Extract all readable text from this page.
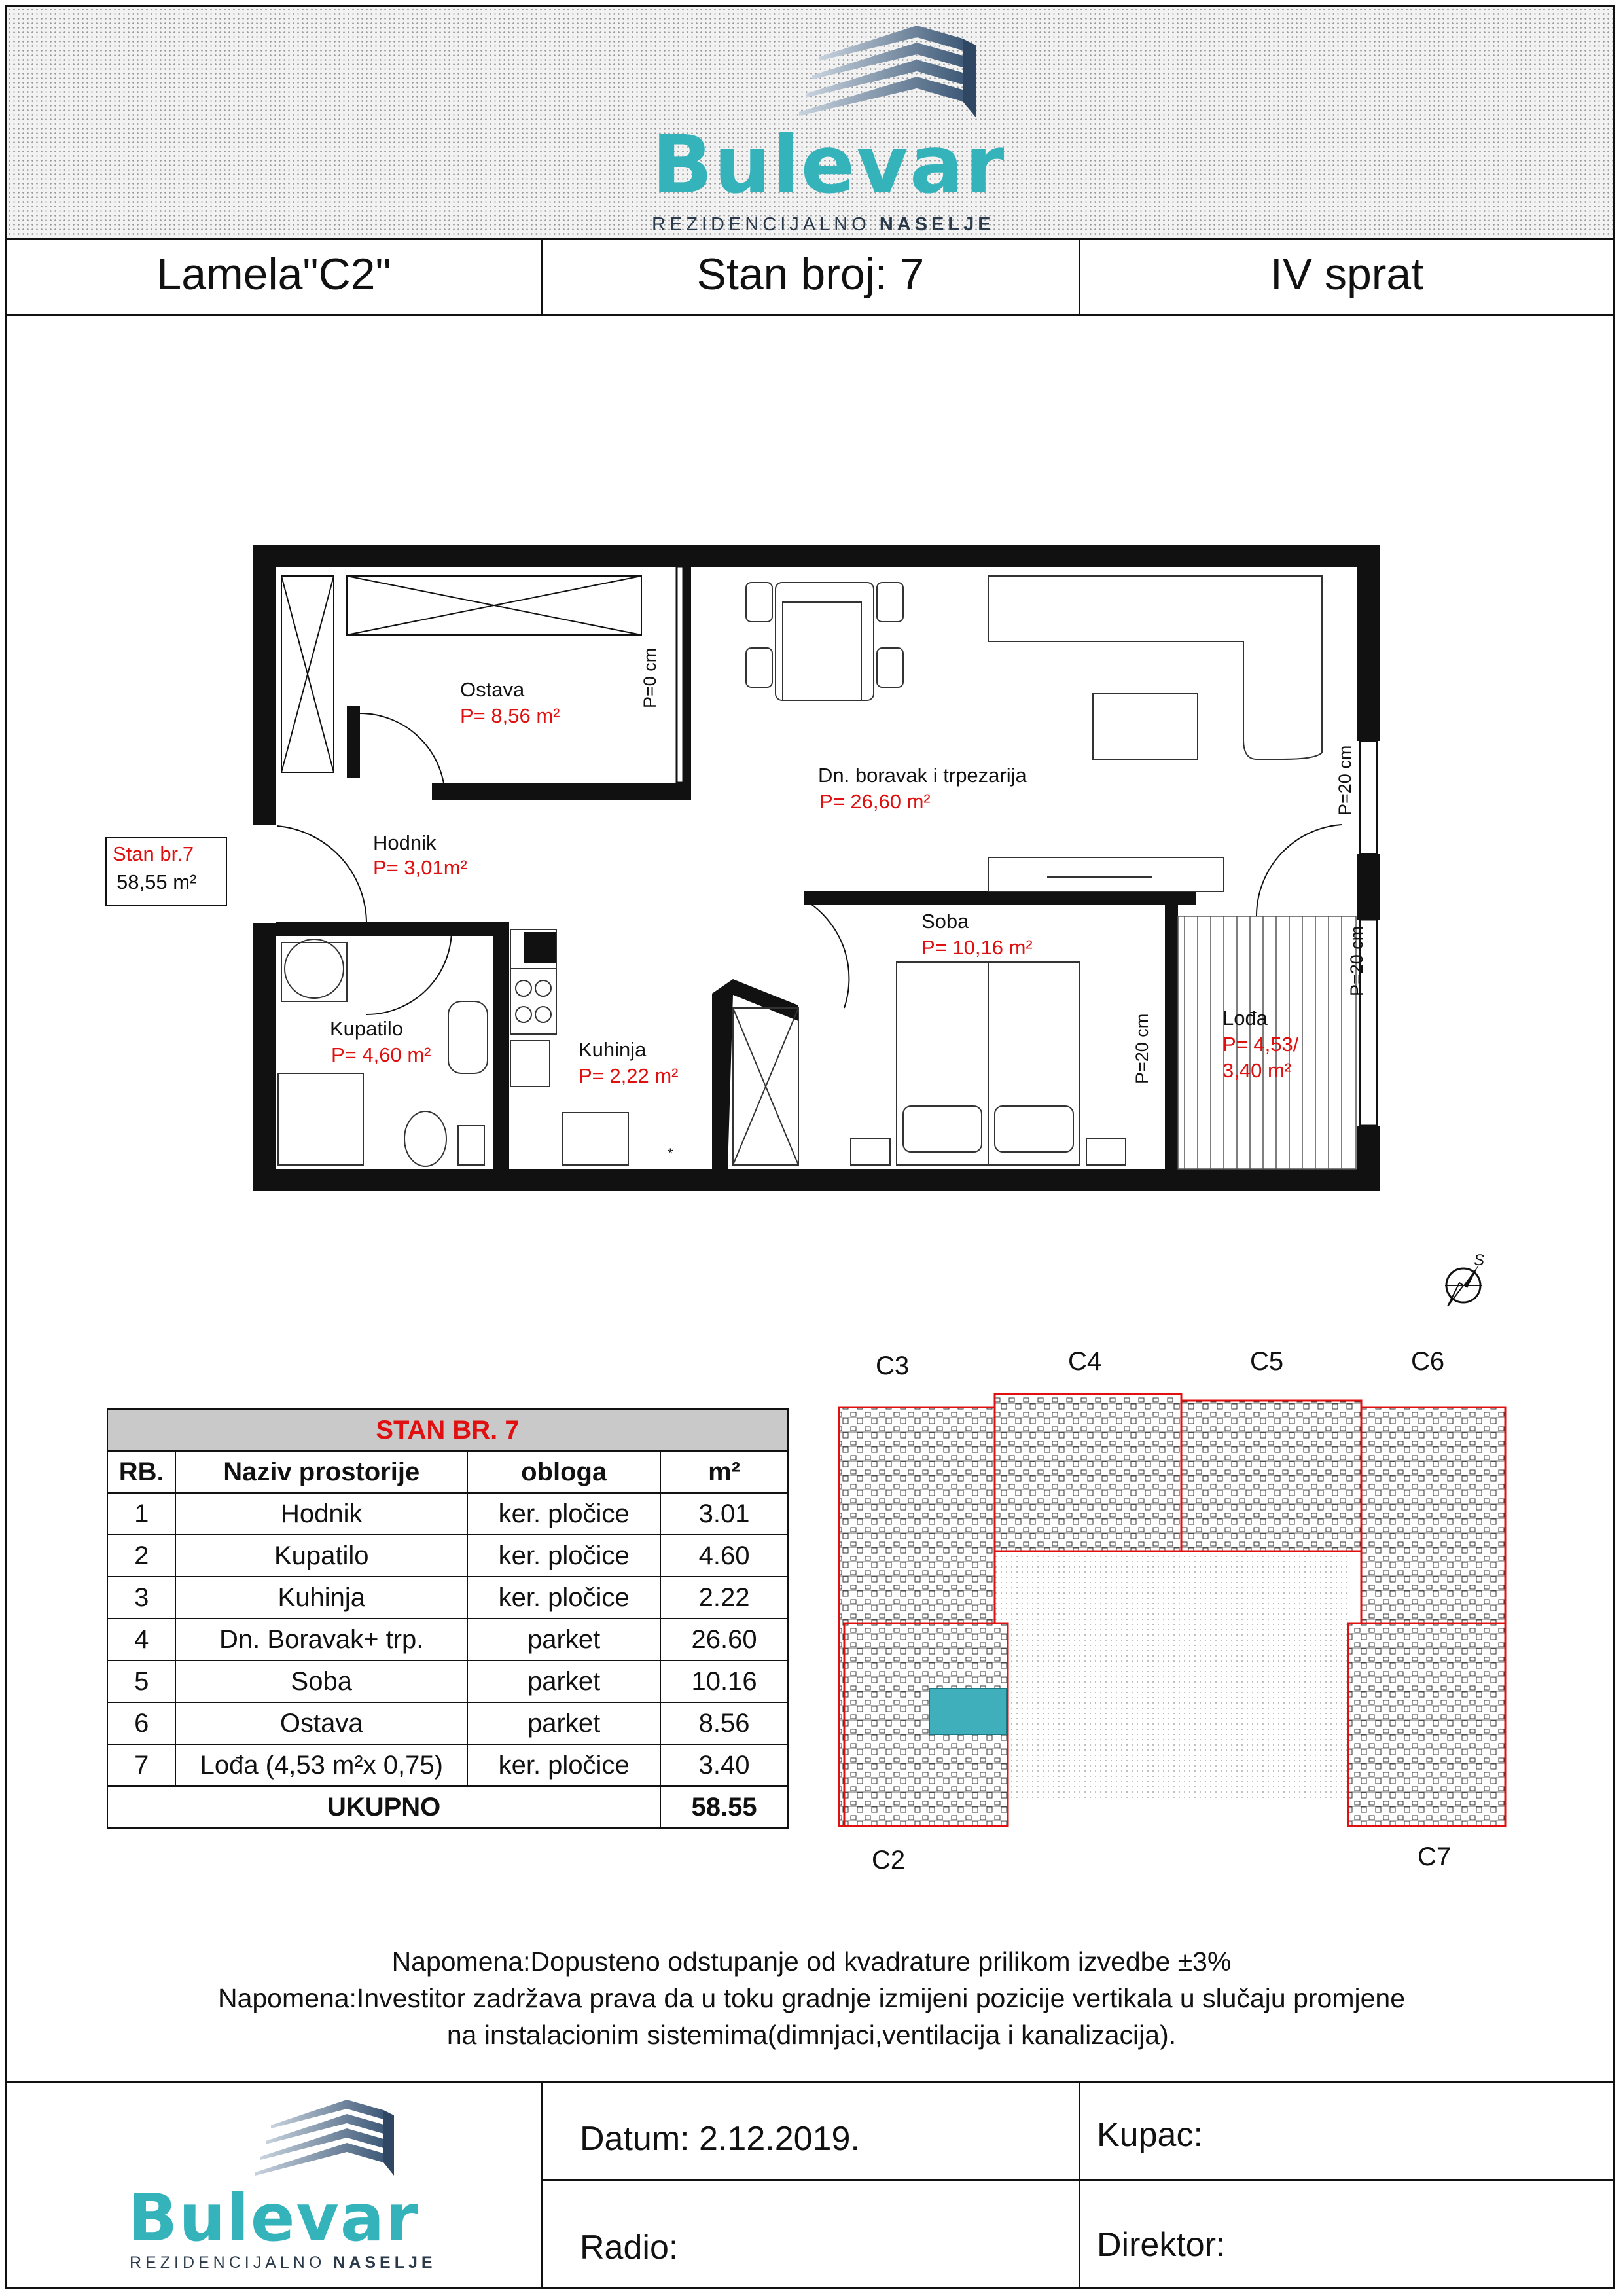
Bulevar
REZIDENCIJALNO NASELJE
Lamela"C2"	Stan broj: 7	IV sprat
Stan br.7
58,55 m²
Ostava
P= 8,56 m²
Dn. boravak i trpezarija
P= 26,60 m²
Hodnik
P= 3,01m²
Soba
P= 10,16 m²
Kupatilo
P= 4,60 m²	Kuhinja
P= 2,22 m²
Lođa
P= 4,53/
3,40 m²
P=0 cm
P=20 cm
P=20 cm
P=20 cm
*
S
C3	C4	C5	C6
C2	C7
STAN BR. 7			
RB.	Naziv prostorije	obloga	m²
1	Hodnik	ker. pločice	3.01
2	Kupatilo	ker. pločice	4.60
3	Kuhinja	ker. pločice	2.22
4	Dn. Boravak+ trp.	parket	26.60
5	Soba	parket	10.16
6	Ostava	parket	8.56
7	Lođa (4,53 m²x 0,75)	ker. pločice	3.40
UKUPNO			58.55
Napomena:Dopusteno odstupanje od kvadrature prilikom izvedbe ±3%
Napomena:Investitor zadržava prava da u toku gradnje izmijeni pozicije vertikala u slučaju promjene
na instalacionim sistemima(dimnjaci,ventilacija i kanalizacija).
Bulevar
REZIDENCIJALNO NASELJE
Datum: 2.12.2019.	Kupac:
Radio:	Direktor:
